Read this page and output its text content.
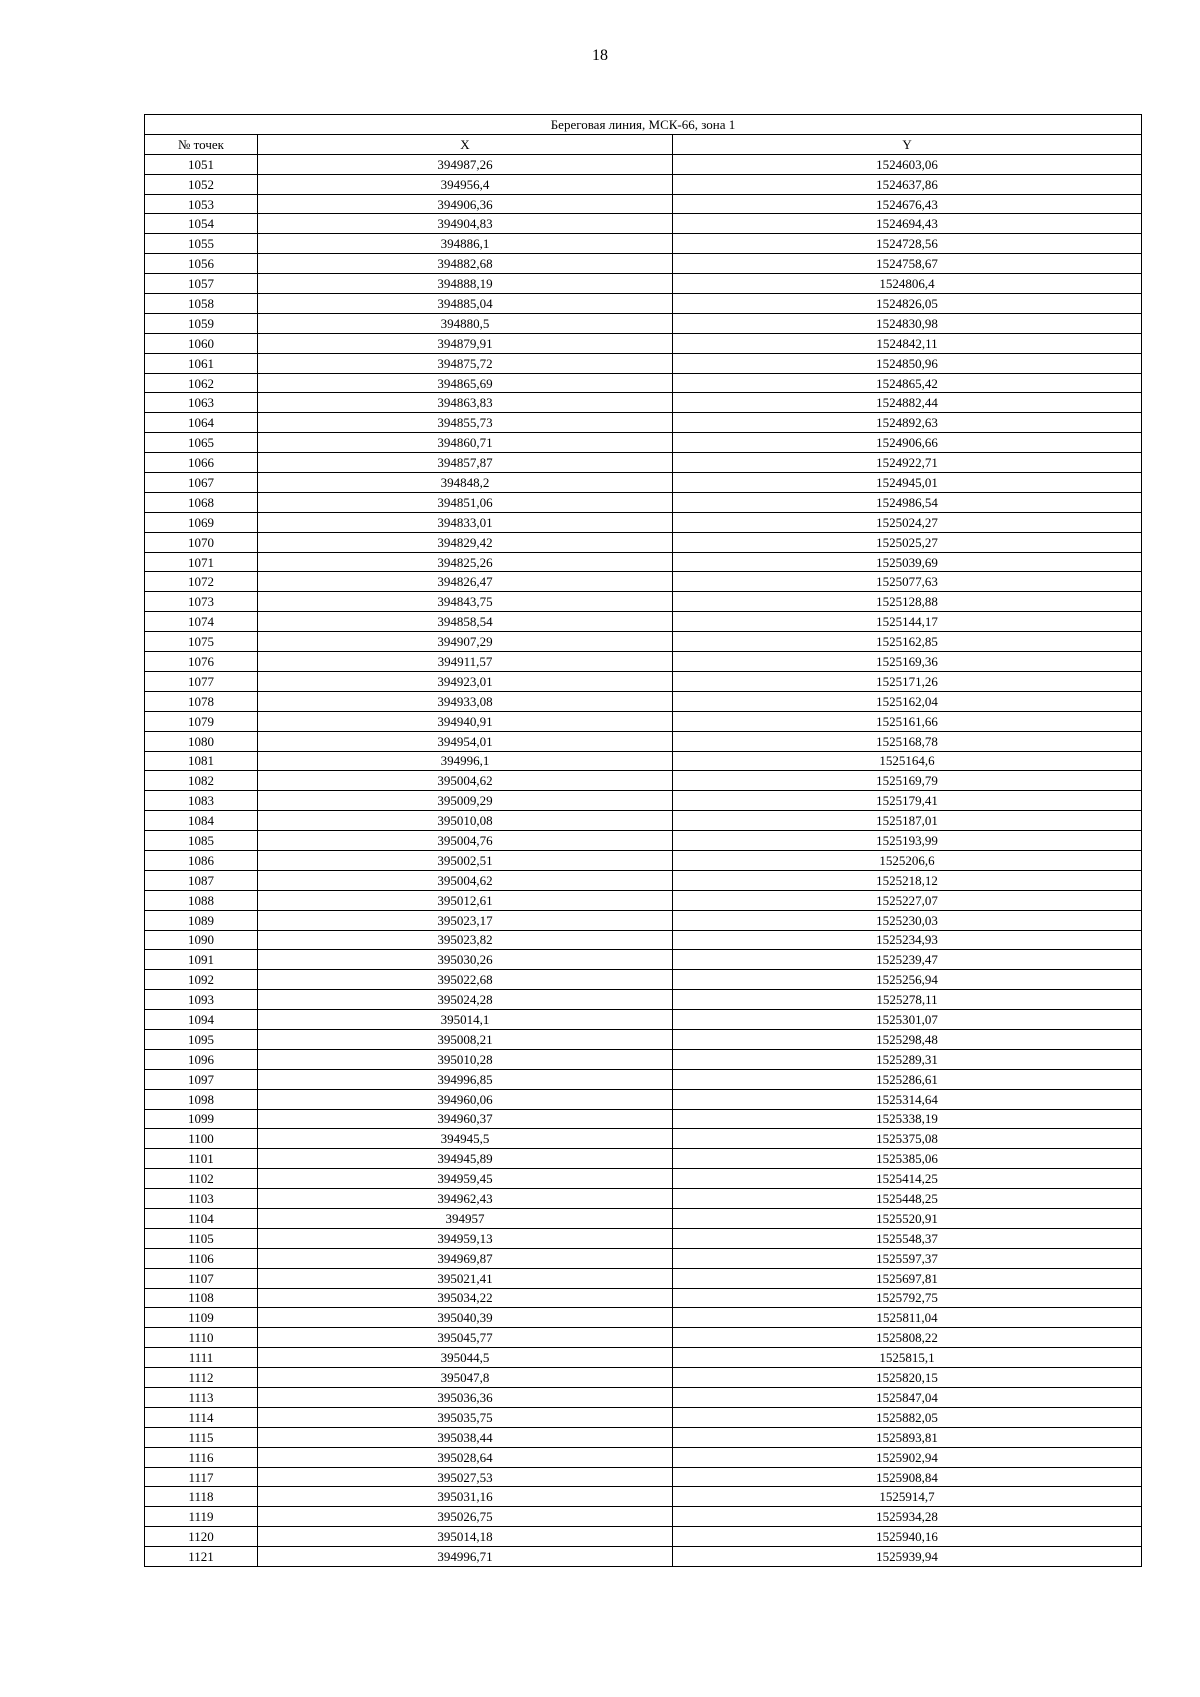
18
Береговая линия, МСК-66, зона 1		
№ точек	X	Y
1051	394987,26	1524603,06
1052	394956,4	1524637,86
1053	394906,36	1524676,43
1054	394904,83	1524694,43
1055	394886,1	1524728,56
1056	394882,68	1524758,67
1057	394888,19	1524806,4
1058	394885,04	1524826,05
1059	394880,5	1524830,98
1060	394879,91	1524842,11
1061	394875,72	1524850,96
1062	394865,69	1524865,42
1063	394863,83	1524882,44
1064	394855,73	1524892,63
1065	394860,71	1524906,66
1066	394857,87	1524922,71
1067	394848,2	1524945,01
1068	394851,06	1524986,54
1069	394833,01	1525024,27
1070	394829,42	1525025,27
1071	394825,26	1525039,69
1072	394826,47	1525077,63
1073	394843,75	1525128,88
1074	394858,54	1525144,17
1075	394907,29	1525162,85
1076	394911,57	1525169,36
1077	394923,01	1525171,26
1078	394933,08	1525162,04
1079	394940,91	1525161,66
1080	394954,01	1525168,78
1081	394996,1	1525164,6
1082	395004,62	1525169,79
1083	395009,29	1525179,41
1084	395010,08	1525187,01
1085	395004,76	1525193,99
1086	395002,51	1525206,6
1087	395004,62	1525218,12
1088	395012,61	1525227,07
1089	395023,17	1525230,03
1090	395023,82	1525234,93
1091	395030,26	1525239,47
1092	395022,68	1525256,94
1093	395024,28	1525278,11
1094	395014,1	1525301,07
1095	395008,21	1525298,48
1096	395010,28	1525289,31
1097	394996,85	1525286,61
1098	394960,06	1525314,64
1099	394960,37	1525338,19
1100	394945,5	1525375,08
1101	394945,89	1525385,06
1102	394959,45	1525414,25
1103	394962,43	1525448,25
1104	394957	1525520,91
1105	394959,13	1525548,37
1106	394969,87	1525597,37
1107	395021,41	1525697,81
1108	395034,22	1525792,75
1109	395040,39	1525811,04
1110	395045,77	1525808,22
1111	395044,5	1525815,1
1112	395047,8	1525820,15
1113	395036,36	1525847,04
1114	395035,75	1525882,05
1115	395038,44	1525893,81
1116	395028,64	1525902,94
1117	395027,53	1525908,84
1118	395031,16	1525914,7
1119	395026,75	1525934,28
1120	395014,18	1525940,16
1121	394996,71	1525939,94
